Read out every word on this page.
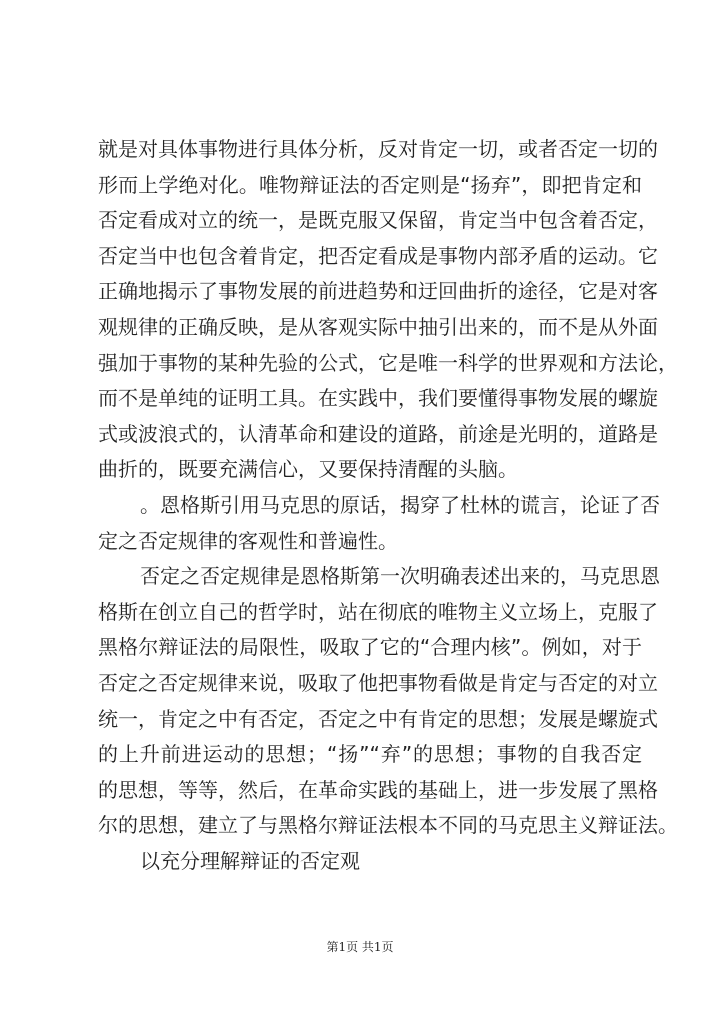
就是对具体事物进行具体分析，反对肯定一切，或者否定一切的
形而上学绝对化。唯物辩证法的否定则是“扬弃”，即把肯定和
否定看成对立的统一，是既克服又保留，肯定当中包含着否定，
否定当中也包含着肯定，把否定看成是事物内部矛盾的运动。它
正确地揭示了事物发展的前进趋势和迂回曲折的途径，它是对客
观规律的正确反映，是从客观实际中抽引出来的，而不是从外面
强加于事物的某种先验的公式，它是唯一科学的世界观和方法论，
而不是单纯的证明工具。在实践中，我们要懂得事物发展的螺旋
式或波浪式的，认清革命和建设的道路，前途是光明的，道路是
曲折的，既要充满信心，又要保持清醒的头脑。
。恩格斯引用马克思的原话，揭穿了杜林的谎言，论证了否
定之否定规律的客观性和普遍性。
否定之否定规律是恩格斯第一次明确表述出来的，马克思恩
格斯在创立自己的哲学时，站在彻底的唯物主义立场上，克服了
黑格尔辩证法的局限性，吸取了它的“合理内核”。例如，对于
否定之否定规律来说，吸取了他把事物看做是肯定与否定的对立
统一，肯定之中有否定，否定之中有肯定的思想；发展是螺旋式
的上升前进运动的思想；“扬”“弃”的思想；事物的自我否定
的思想，等等，然后，在革命实践的基础上，进一步发展了黑格
尔的思想，建立了与黑格尔辩证法根本不同的马克思主义辩证法。
以充分理解辩证的否定观
第1页 共1页
